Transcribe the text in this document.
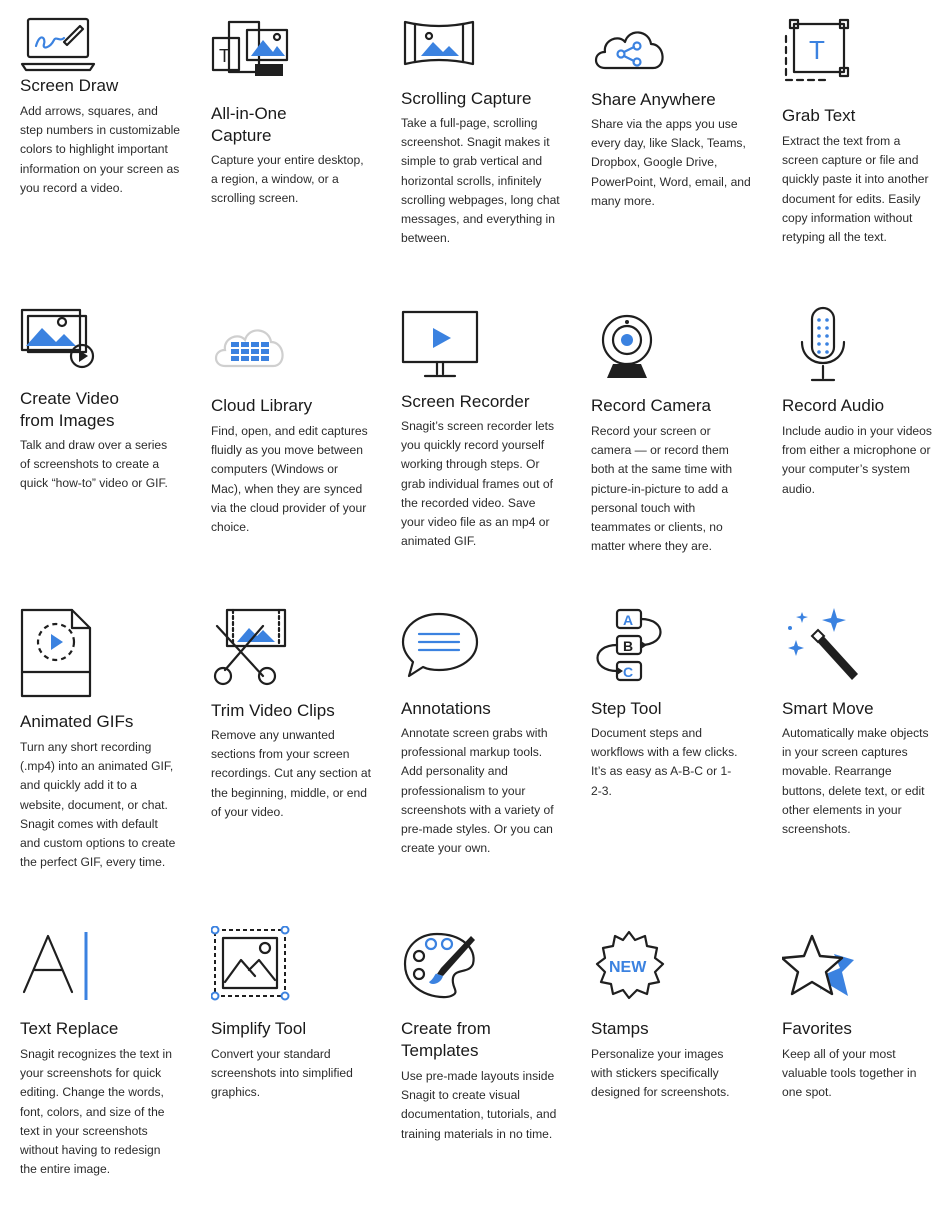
Screen Draw

Add arrows, squares, and step numbers in customizable colors to highlight important information on your screen as you record a video.

T
All-in-One Capture

Capture your entire desktop, a region, a window, or a scrolling screen.

Scrolling Capture

Take a full-page, scrolling screenshot. Snagit makes it simple to grab vertical and horizontal scrolls, infinitely scrolling webpages, long chat messages, and everything in between.

Share Anywhere

Share via the apps you use every day, like Slack, Teams, Dropbox, Google Drive, PowerPoint, Word, email, and many more.

T
Grab Text

Extract the text from a screen capture or file and quickly paste it into another document for edits. Easily copy information without retyping all the text.

Create Video from Images

Talk and draw over a series of screenshots to create a quick “how-to” video or GIF.

Cloud Library

Find, open, and edit captures fluidly as you move between computers (Windows or Mac), when they are synced via the cloud provider of your choice.

Screen Recorder

Snagit’s screen recorder lets you quickly record yourself working through steps. Or grab individual frames out of the recorded video. Save your video file as an mp4 or animated GIF.

Record Camera

Record your screen or camera — or record them both at the same time with picture-in-picture to add a personal touch with teammates or clients, no matter where they are.

Record Audio

Include audio in your videos from either a microphone or your computer’s system audio.

Animated GIFs

Turn any short recording (.mp4) into an animated GIF, and quickly add it to a website, document, or chat. Snagit comes with default and custom options to create the perfect GIF, every time.

Trim Video Clips

Remove any unwanted sections from your screen recordings. Cut any section at the beginning, middle, or end of your video.

Annotations

Annotate screen grabs with professional markup tools. Add personality and professionalism to your screenshots with a variety of pre-made styles. Or you can create your own.

A
B
C
Step Tool

Document steps and workflows with a few clicks. It’s as easy as A-B-C or 1-2-3.

Smart Move

Automatically make objects in your screen captures movable. Rearrange buttons, delete text, or edit other elements in your screenshots.

Text Replace

Snagit recognizes the text in your screenshots for quick editing. Change the words, font, colors, and size of the text in your screenshots without having to redesign the entire image.

Simplify Tool

Convert your standard screenshots into simplified graphics.

Create from Templates

Use pre-made layouts inside Snagit to create visual documentation, tutorials, and training materials in no time.

NEW
Stamps

Personalize your images with stickers specifically designed for screenshots.

Favorites

Keep all of your most valuable tools together in one spot.
